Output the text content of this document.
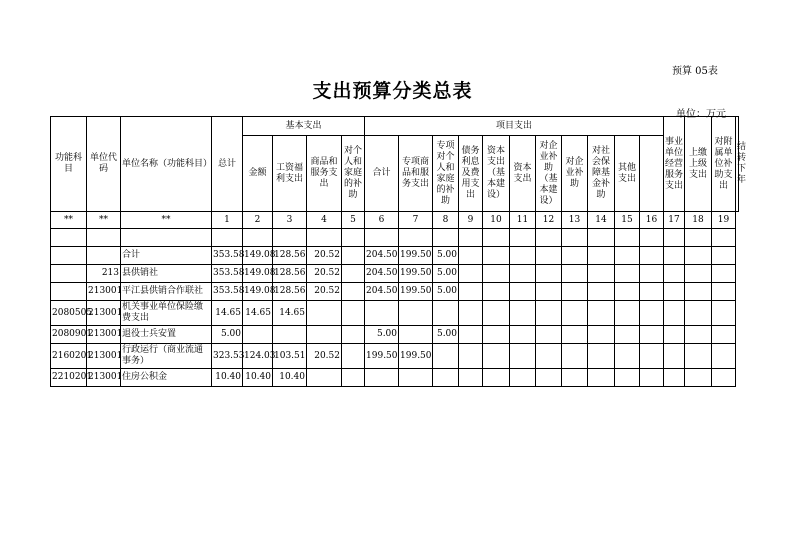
预算 05表
支出预算分类总表
单位：万元
功能科目	单位代码	单位名称（功能科目）	总计	基本支出				项目支出											事业单位经营服务支出	上缴上级支出	对附属单位补助支出	结转下年
				金额	工资福利支出	商品和服务支出	对个人和家庭的补助	合计	专项商品和服务支出	专项对个人和家庭的补助	债务利息及费用支出	资本支出（基本建设）	资本支出	对企业补助（基本建设）	对企业补助	对社会保障基金补助	其他支出					
**	**	**	1	2	3	4	5	6	7	8	9	10	11	12	13	14	15	16	17	18	19	

		合计	353.58	149.08	128.56	20.52		204.50	199.50	5.00												
	213	县供销社	353.58	149.08	128.56	20.52		204.50	199.50	5.00												
	213001	平江县供销合作联社	353.58	149.08	128.56	20.52		204.50	199.50	5.00												
2080505	213001	机关事业单位保险缴费支出	14.65	14.65	14.65																	
2080901	213001	退役士兵安置	5.00					5.00		5.00												
2160201	213001	行政运行（商业流通事务）	323.53	124.03	103.51	20.52		199.50	199.50													
2210201	213001	住房公积金	10.40	10.40	10.40																	
